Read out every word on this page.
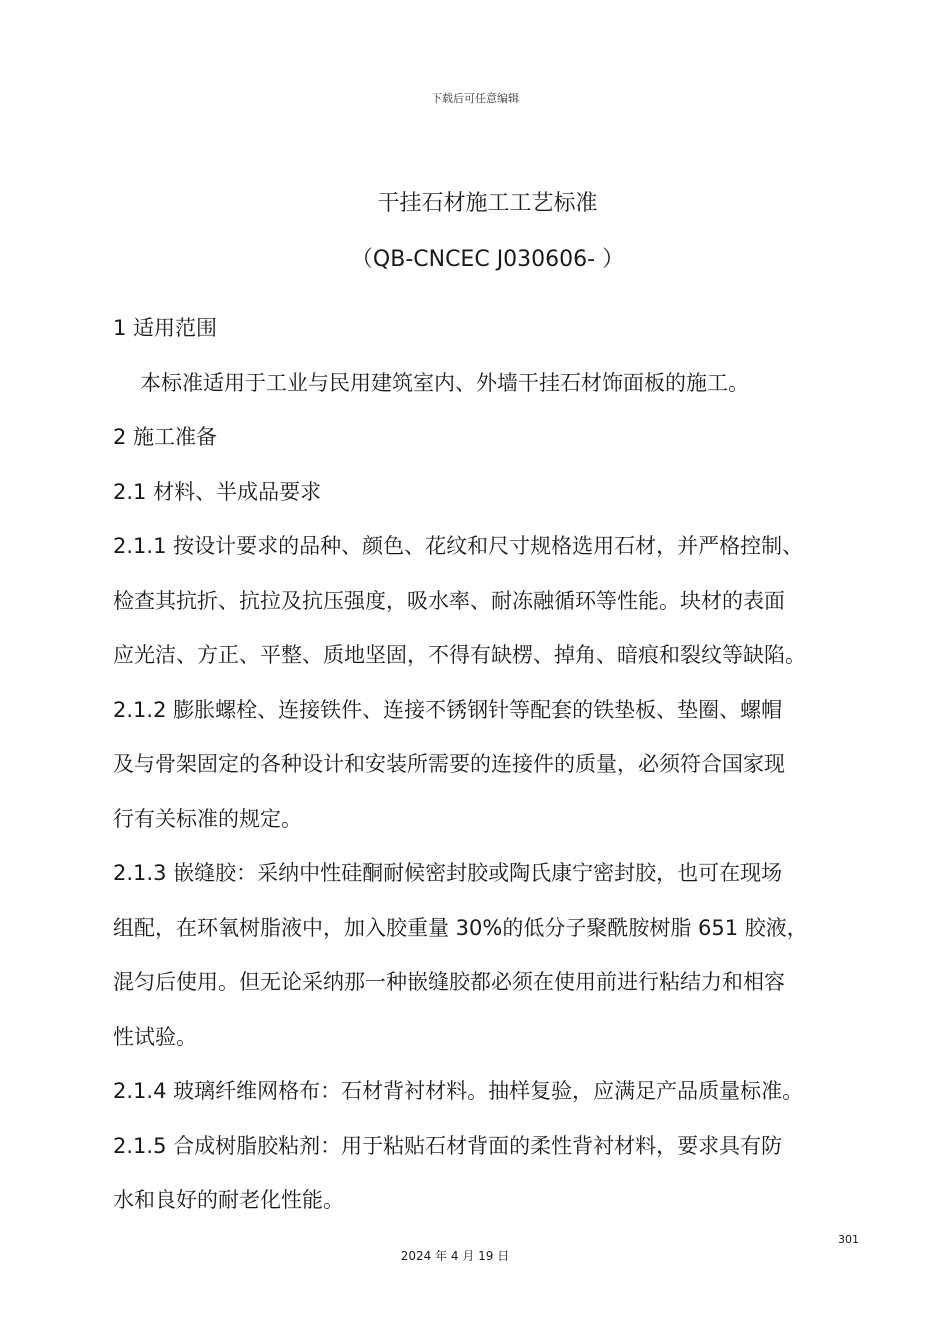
下载后可任意编辑
干挂石材施工工艺标准
（QB-CNCEC J030606- ）
1 适用范围
本标准适用于工业与民用建筑室内、外墙干挂石材饰面板的施工。
2 施工准备
2.1 材料、半成品要求
2.1.1 按设计要求的品种、颜色、花纹和尺寸规格选用石材，并严格控制、
检查其抗折、抗拉及抗压强度，吸水率、耐冻融循环等性能。块材的表面
应光洁、方正、平整、质地坚固，不得有缺楞、掉角、暗痕和裂纹等缺陷。
2.1.2 膨胀螺栓、连接铁件、连接不锈钢针等配套的铁垫板、垫圈、螺帽
及与骨架固定的各种设计和安装所需要的连接件的质量，必须符合国家现
行有关标准的规定。
2.1.3 嵌缝胶：采纳中性硅酮耐候密封胶或陶氏康宁密封胶，也可在现场
组配，在环氧树脂液中，加入胶重量 30%的低分子聚酰胺树脂 651 胶液，
混匀后使用。但无论采纳那一种嵌缝胶都必须在使用前进行粘结力和相容
性试验。
2.1.4 玻璃纤维网格布：石材背衬材料。抽样复验，应满足产品质量标准。
2.1.5 合成树脂胶粘剂：用于粘贴石材背面的柔性背衬材料，要求具有防
水和良好的耐老化性能。
301
2024 年 4 月 19 日
